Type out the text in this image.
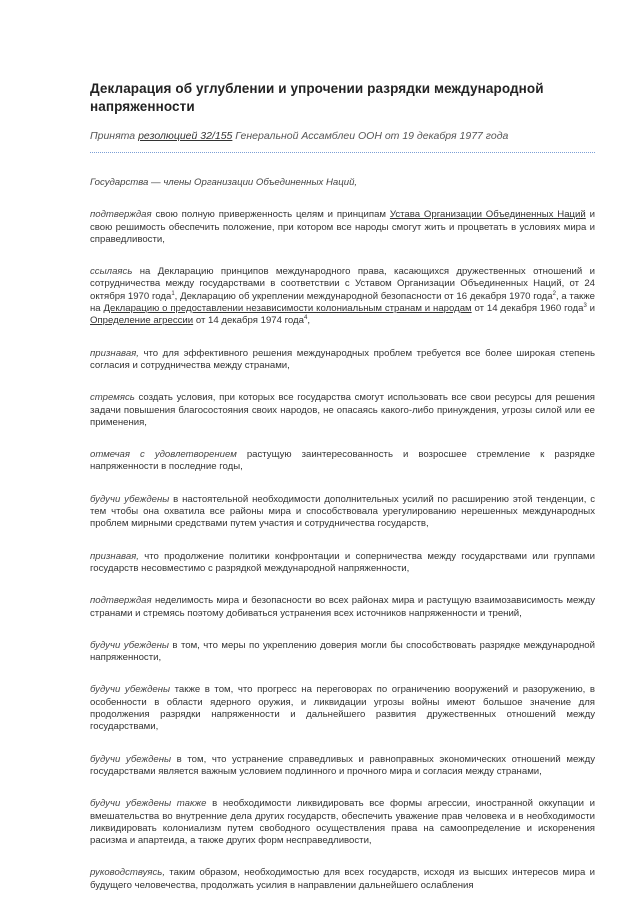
Декларация об углублении и упрочении разрядки международной напряженности
Принята резолюцией 32/155 Генеральной Ассамблеи ООН от 19 декабря 1977 года
Государства — члены Организации Объединенных Наций,
подтверждая свою полную приверженность целям и принципам Устава Организации Объединенных Наций и свою решимость обеспечить положение, при котором все народы смогут жить и процветать в условиях мира и справедливости,
ссылаясь на Декларацию принципов международного права, касающихся дружественных отношений и сотрудничества между государствами в соответствии с Уставом Организации Объединенных Наций, от 24 октября 1970 года$^1$, Декларацию об укреплении международной безопасности от 16 декабря 1970 года$^2$, а также на Декларацию о предоставлении независимости колониальным странам и народам от 14 декабря 1960 года$^3$ и Определение агрессии от 14 декабря 1974 года$^4$,
признавая, что для эффективного решения международных проблем требуется все более широкая степень согласия и сотрудничества между странами,
стремясь создать условия, при которых все государства смогут использовать все свои ресурсы для решения задачи повышения благосостояния своих народов, не опасаясь какого-либо принуждения, угрозы силой или ее применения,
отмечая с удовлетворением растущую заинтересованность и возросшее стремление к разрядке напряженности в последние годы,
будучи убеждены в настоятельной необходимости дополнительных усилий по расширению этой тенденции, с тем чтобы она охватила все районы мира и способствовала урегулированию нерешенных международных проблем мирными средствами путем участия и сотрудничества государств,
признавая, что продолжение политики конфронтации и соперничества между государствами или группами государств несовместимо с разрядкой международной напряженности,
подтверждая неделимость мира и безопасности во всех районах мира и растущую взаимозависимость между странами и стремясь поэтому добиваться устранения всех источников напряженности и трений,
будучи убеждены в том, что меры по укреплению доверия могли бы способствовать разрядке международной напряженности,
будучи убеждены также в том, что прогресс на переговорах по ограничению вооружений и разоружению, в особенности в области ядерного оружия, и ликвидации угрозы войны имеют большое значение для продолжения разрядки напряженности и дальнейшего развития дружественных отношений между государствами,
будучи убеждены в том, что устранение справедливых и равноправных экономических отношений между государствами является важным условием подлинного и прочного мира и согласия между странами,
будучи убеждены также в необходимости ликвидировать все формы агрессии, иностранной оккупации и вмешательства во внутренние дела других государств, обеспечить уважение прав человека и в необходимости ликвидировать колониализм путем свободного осуществления права на самоопределение и искоренения расизма и апартеида, а также других форм несправедливости,
руководствуясь, таким образом, необходимостью для всех государств, исходя из высших интересов мира и будущего человечества, продолжать усилия в направлении дальнейшего ослабления
